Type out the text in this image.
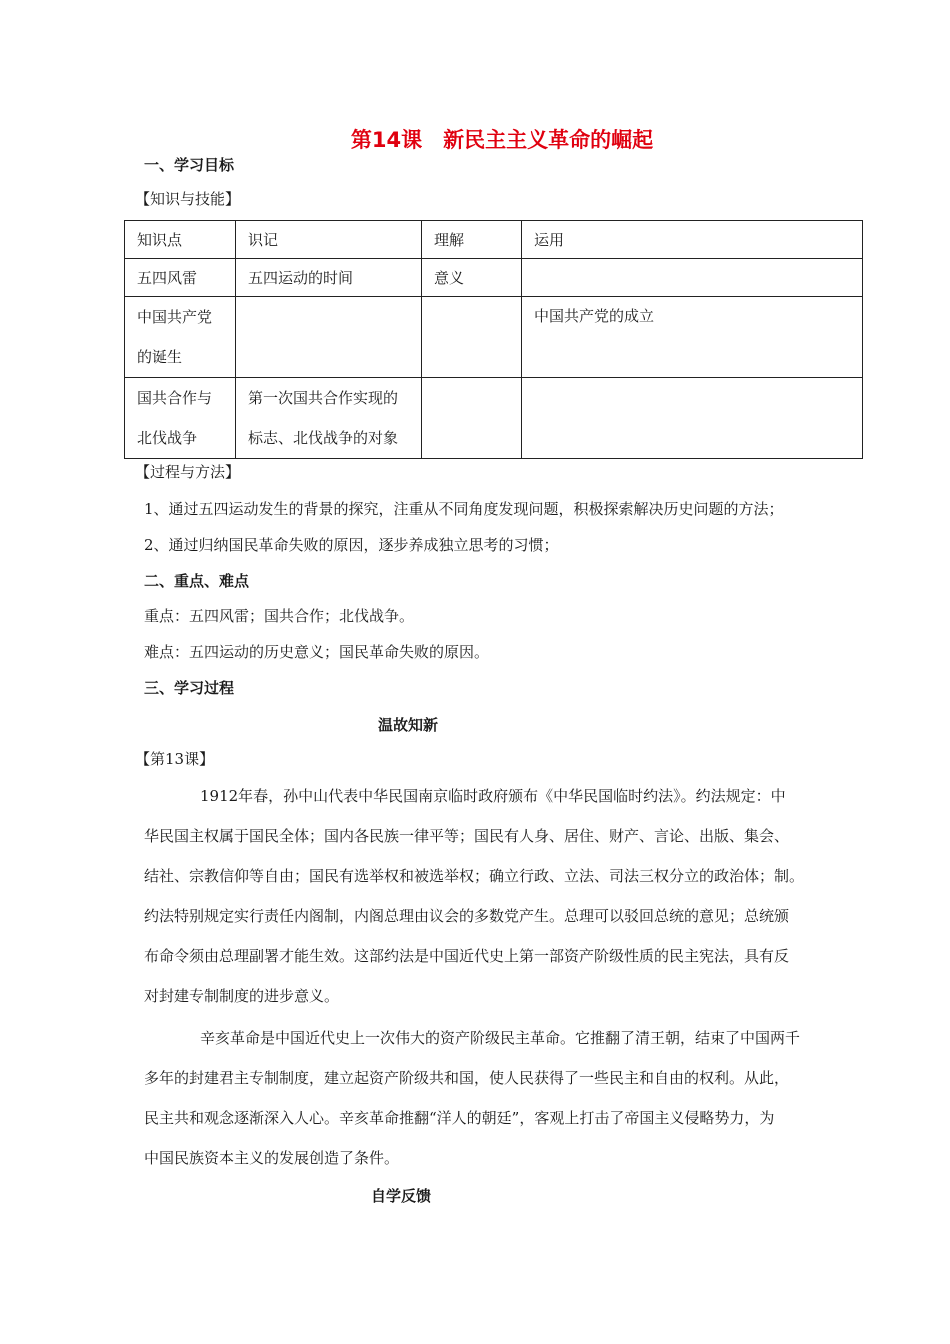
第14课　新民主主义革命的崛起
一、学习目标
【知识与技能】
知识点	识记	理解	运用

五四风雷	五四运动的时间	意义	

中国共产党
的诞生			中国共产党的成立

国共合作与
北伐战争	第一次国共合作实现的
标志、北伐战争的对象		

【过程与方法】
1、通过五四运动发生的背景的探究，注重从不同角度发现问题，积极探索解决历史问题的方法；
2、通过归纳国民革命失败的原因，逐步养成独立思考的习惯；
二、重点、难点
重点：五四风雷；国共合作；北伐战争。
难点：五四运动的历史意义；国民革命失败的原因。
三、学习过程
温故知新
【第13课】
1912年春，孙中山代表中华民国南京临时政府颁布《中华民国临时约法》。约法规定：中
华民国主权属于国民全体；国内各民族一律平等；国民有人身、居住、财产、言论、出版、集会、
结社、宗教信仰等自由；国民有选举权和被选举权；确立行政、立法、司法三权分立的政治体；制。
约法特别规定实行责任内阁制，内阁总理由议会的多数党产生。总理可以驳回总统的意见；总统颁
布命令须由总理副署才能生效。这部约法是中国近代史上第一部资产阶级性质的民主宪法，具有反
对封建专制制度的进步意义。
辛亥革命是中国近代史上一次伟大的资产阶级民主革命。它推翻了清王朝，结束了中国两千
多年的封建君主专制制度，建立起资产阶级共和国，使人民获得了一些民主和自由的权利。从此，
民主共和观念逐渐深入人心。辛亥革命推翻“洋人的朝廷”，客观上打击了帝国主义侵略势力，为
中国民族资本主义的发展创造了条件。
自学反馈
